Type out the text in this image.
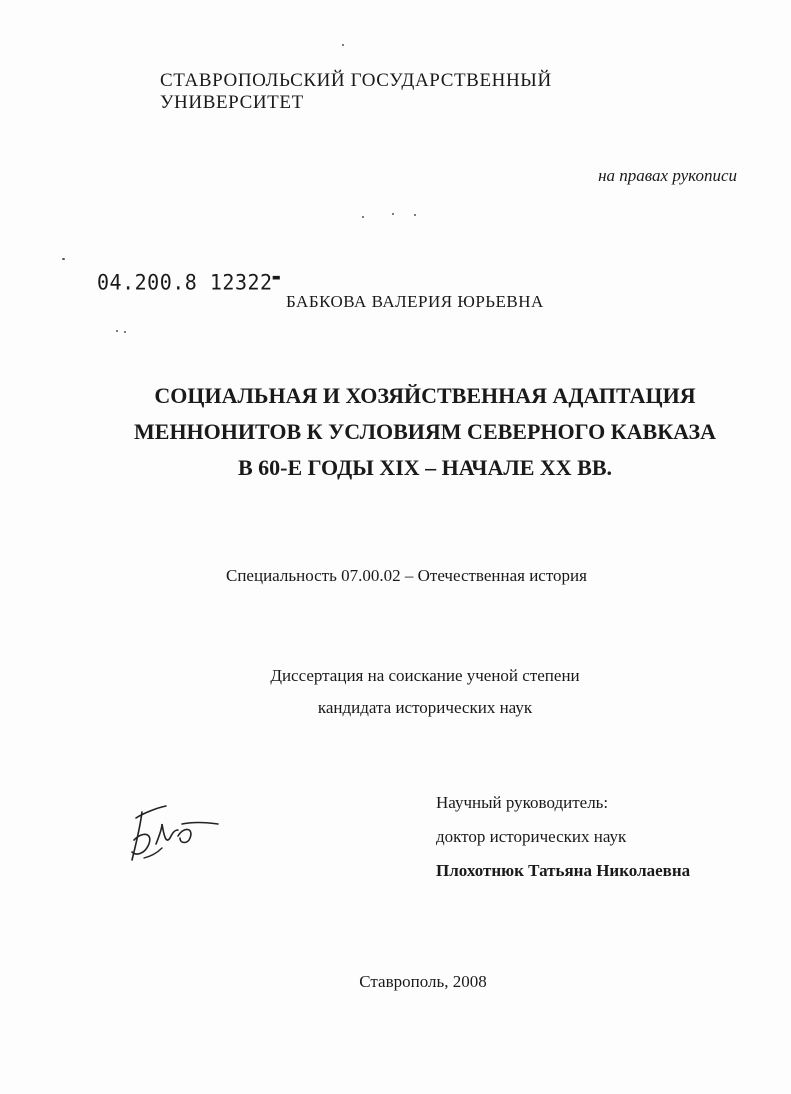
СТАВРОПОЛЬСКИЙ ГОСУДАРСТВЕННЫЙ УНИВЕРСИТЕТ
на правах рукописи
04.200.8 12322▬
БАБКОВА ВАЛЕРИЯ ЮРЬЕВНА
СОЦИАЛЬНАЯ И ХОЗЯЙСТВЕННАЯ АДАПТАЦИЯ
МЕННОНИТОВ К УСЛОВИЯМ СЕВЕРНОГО КАВКАЗА
В 60-Е ГОДЫ XIX – НАЧАЛЕ XX ВВ.
Специальность 07.00.02 – Отечественная история
Диссертация на соискание ученой степени
кандидата исторических наук
Научный руководитель:
доктор исторических наук
Плохотнюк Татьяна Николаевна
Ставрополь, 2008
